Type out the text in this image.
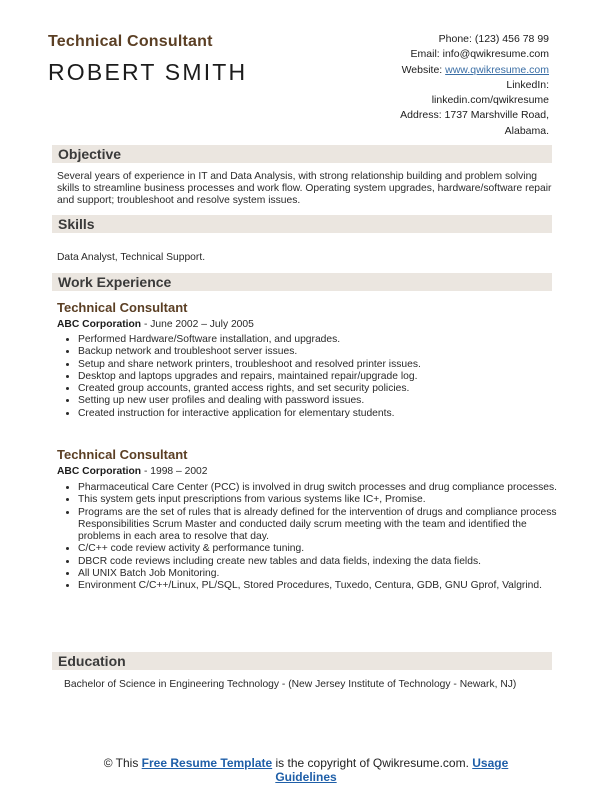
Technical Consultant
ROBERT SMITH
Phone: (123) 456 78 99
Email: info@qwikresume.com
Website: www.qwikresume.com
LinkedIn:
linkedin.com/qwikresume
Address: 1737 Marshville Road,
Alabama.
Objective
Several years of experience in IT and Data Analysis, with strong relationship building and problem solving skills to streamline business processes and work flow. Operating system upgrades, hardware/software repair and support; troubleshoot and resolve system issues.
Skills
Data Analyst, Technical Support.
Work Experience
Technical Consultant
ABC Corporation - June 2002 – July 2005
• Performed Hardware/Software installation, and upgrades.
• Backup network and troubleshoot server issues.
• Setup and share network printers, troubleshoot and resolved printer issues.
• Desktop and laptops upgrades and repairs, maintained repair/upgrade log.
• Created group accounts, granted access rights, and set security policies.
• Setting up new user profiles and dealing with password issues.
• Created instruction for interactive application for elementary students.
Technical Consultant
ABC Corporation - 1998 – 2002
• Pharmaceutical Care Center (PCC) is involved in drug switch processes and drug compliance processes.
• This system gets input prescriptions from various systems like IC+, Promise.
• Programs are the set of rules that is already defined for the intervention of drugs and compliance process Responsibilities Scrum Master and conducted daily scrum meeting with the team and identified the problems in each area to resolve that day.
• C/C++ code review activity & performance tuning.
• DBCR code reviews including create new tables and data fields, indexing the data fields.
• All UNIX Batch Job Monitoring.
• Environment C/C++/Linux, PL/SQL, Stored Procedures, Tuxedo, Centura, GDB, GNU Gprof, Valgrind.
Education
Bachelor of Science in Engineering Technology - (New Jersey Institute of Technology - Newark, NJ)
© This Free Resume Template is the copyright of Qwikresume.com. Usage Guidelines
